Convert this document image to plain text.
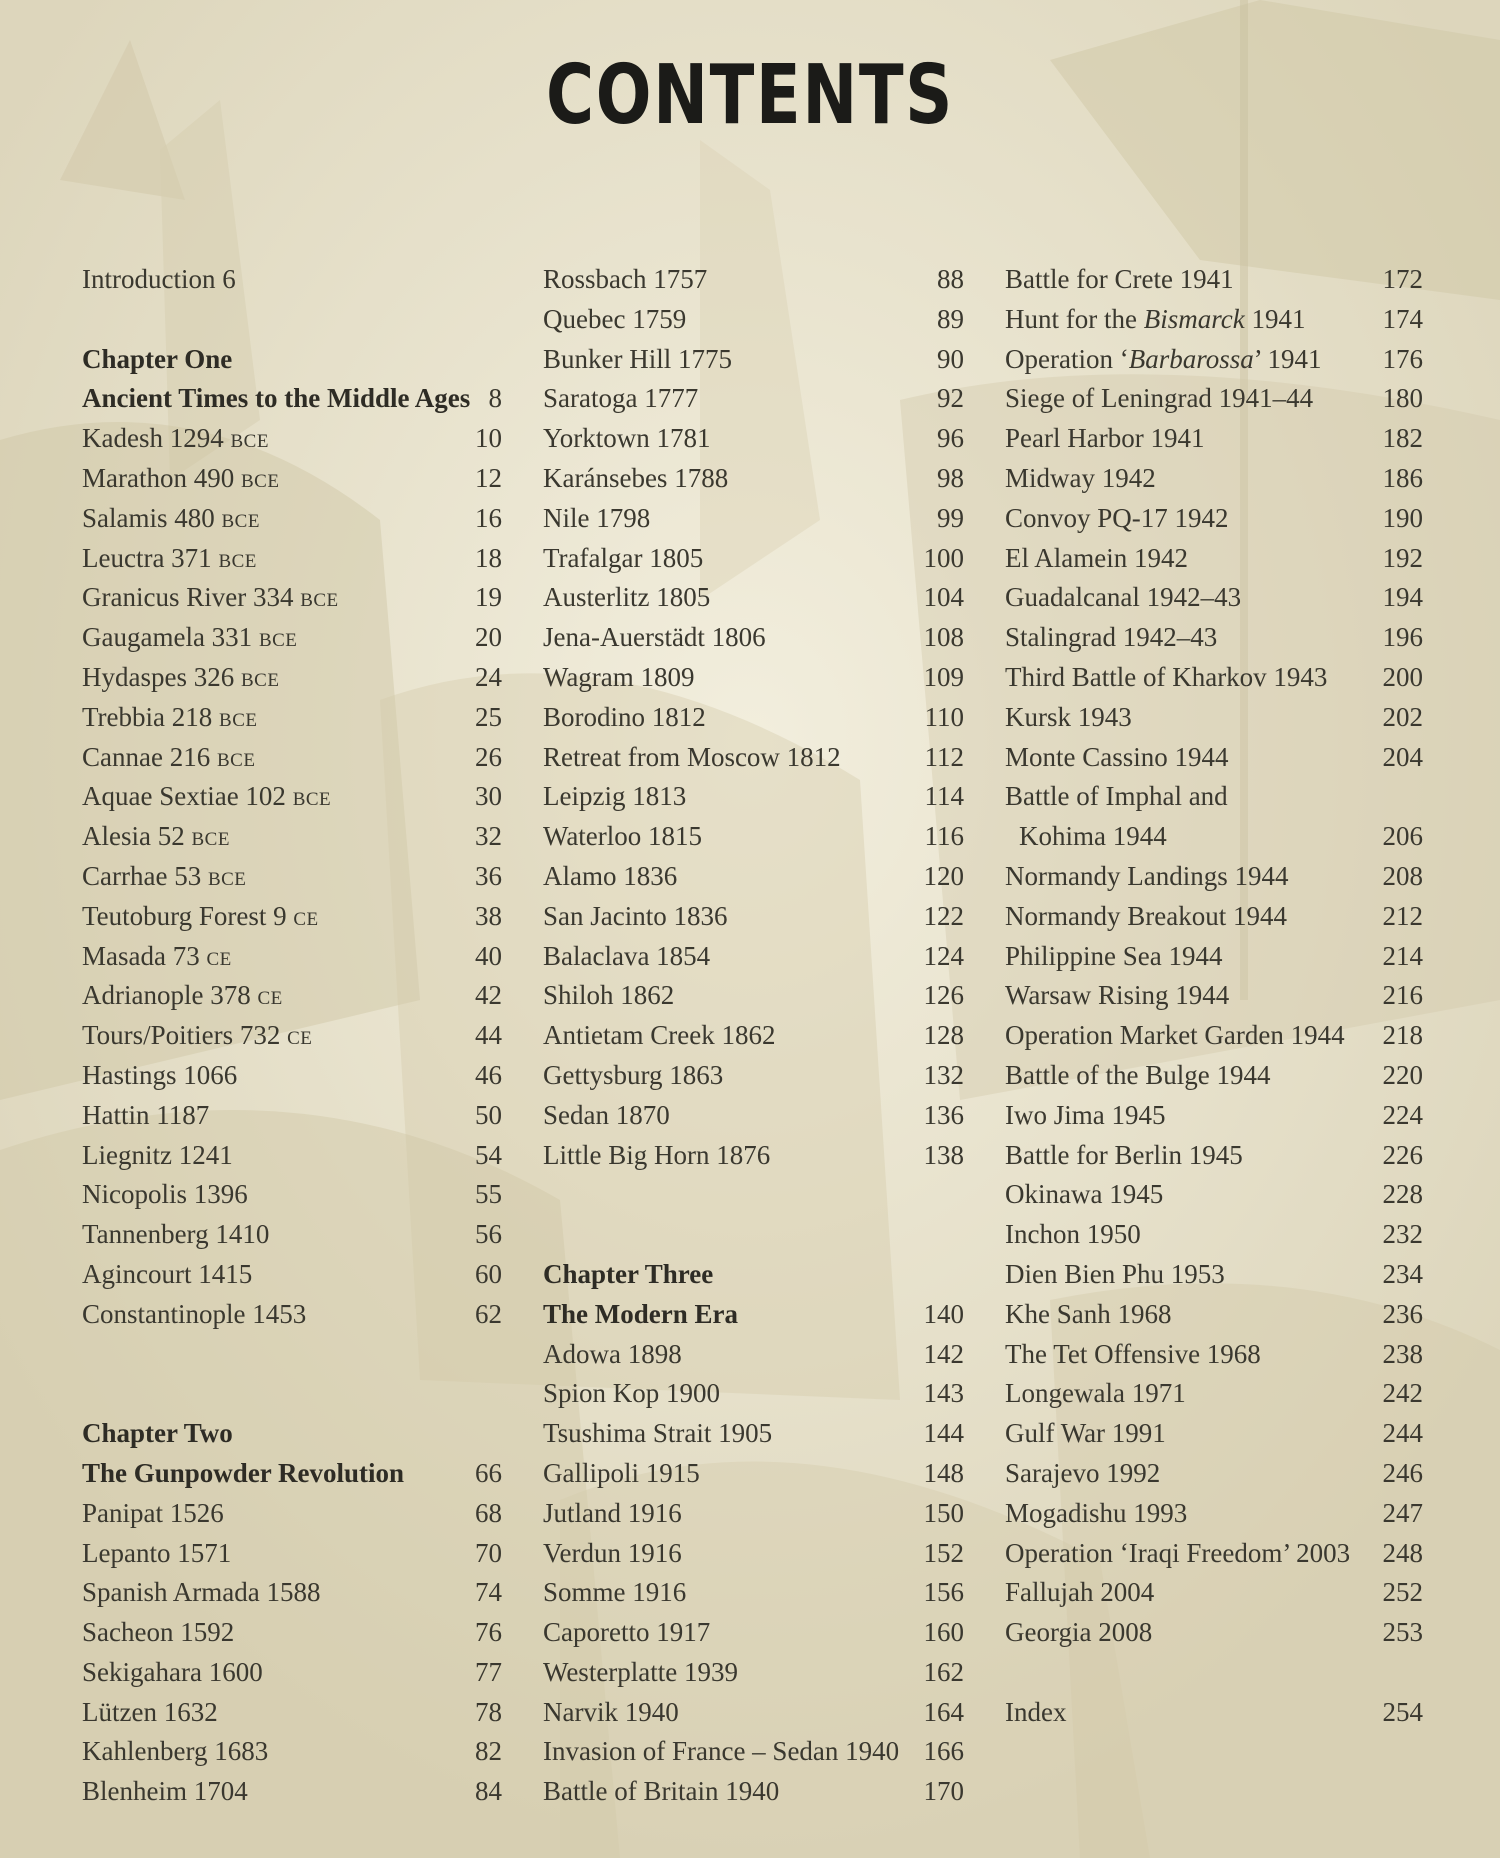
CONTENTS
Introduction 6
Chapter One
Ancient Times to the Middle Ages 8
Kadesh 1294 BCE	10
Marathon 490 BCE	12
Salamis 480 BCE	16
Leuctra 371 BCE	18
Granicus River 334 BCE	19
Gaugamela 331 BCE	20
Hydaspes 326 BCE	24
Trebbia 218 BCE	25
Cannae 216 BCE	26
Aquae Sextiae 102 BCE	30
Alesia 52 BCE	32
Carrhae 53 BCE	36
Teutoburg Forest 9 CE	38
Masada 73 CE	40
Adrianople 378 CE	42
Tours/Poitiers 732 CE	44
Hastings 1066	46
Hattin 1187	50
Liegnitz 1241	54
Nicopolis 1396	55
Tannenberg 1410	56
Agincourt 1415	60
Constantinople 1453	62
Chapter Two
The Gunpowder Revolution	66
Panipat 1526	68
Lepanto 1571	70
Spanish Armada 1588	74
Sacheon 1592	76
Sekigahara 1600	77
Lützen 1632	78
Kahlenberg 1683	82
Blenheim 1704	84
Rossbach 1757	88
Quebec 1759	89
Bunker Hill 1775	90
Saratoga 1777	92
Yorktown 1781	96
Karánsebes 1788	98
Nile 1798	99
Trafalgar 1805	100
Austerlitz 1805	104
Jena-Auerstädt 1806	108
Wagram 1809	109
Borodino 1812	110
Retreat from Moscow 1812	112
Leipzig 1813	114
Waterloo 1815	116
Alamo 1836	120
San Jacinto 1836	122
Balaclava 1854	124
Shiloh 1862	126
Antietam Creek 1862	128
Gettysburg 1863	132
Sedan 1870	136
Little Big Horn 1876	138
Chapter Three
The Modern Era	140
Adowa 1898	142
Spion Kop 1900	143
Tsushima Strait 1905	144
Gallipoli 1915	148
Jutland 1916	150
Verdun 1916	152
Somme 1916	156
Caporetto 1917	160
Westerplatte 1939	162
Narvik 1940	164
Invasion of France – Sedan 1940 166
Battle of Britain 1940	170
Battle for Crete 1941	172
Hunt for the Bismarck 1941	174
Operation ‘Barbarossa’ 1941 176
Siege of Leningrad 1941–44	180
Pearl Harbor 1941	182
Midway 1942	186
Convoy PQ-17 1942	190
El Alamein 1942	192
Guadalcanal 1942–43	194
Stalingrad 1942–43	196
Third Battle of Kharkov 1943 200
Kursk 1943	202
Monte Cassino 1944	204
Battle of Imphal and
Kohima 1944	206
Normandy Landings 1944	208
Normandy Breakout 1944	212
Philippine Sea 1944	214
Warsaw Rising 1944	216
Operation Market Garden 1944 218
Battle of the Bulge 1944	220
Iwo Jima 1945	224
Battle for Berlin 1945	226
Okinawa 1945	228
Inchon 1950	232
Dien Bien Phu 1953	234
Khe Sanh 1968	236
The Tet Offensive 1968	238
Longewala 1971	242
Gulf War 1991	244
Sarajevo 1992	246
Mogadishu 1993	247
Operation ‘Iraqi Freedom’ 2003 248
Fallujah 2004	252
Georgia 2008	253
Index	254
